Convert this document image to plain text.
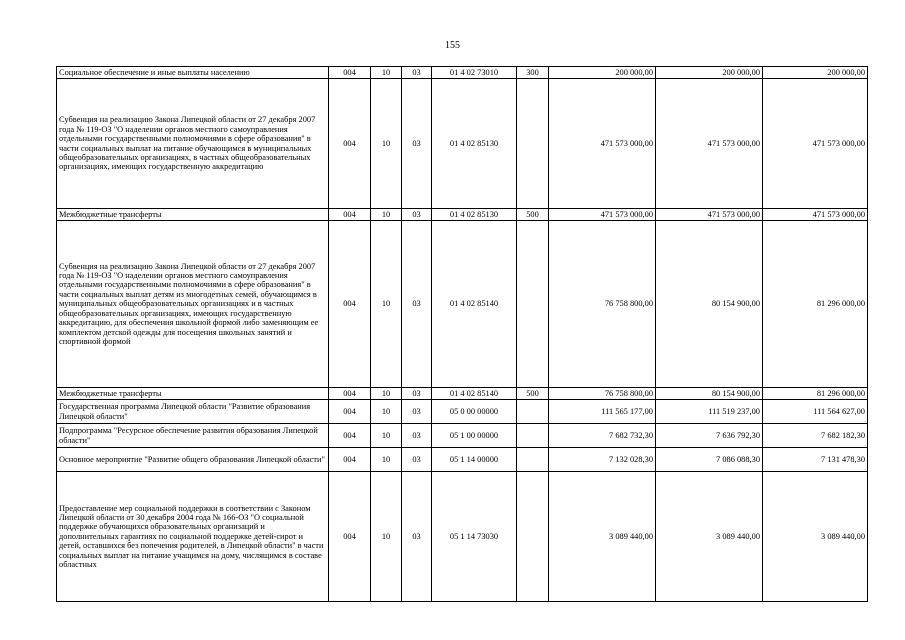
155
Социальное обеспечение и иные выплаты населению	004	10	03	01 4 02 73010	300	200 000,00	200 000,00	200 000,00
Субвенция на реализацию Закона Липецкой области от 27 декабря 2007 года № 119-ОЗ "О наделении органов местного самоуправления отдельными государственными полномочиями в сфере образования" в части социальных выплат на питание обучающимся в муниципальных общеобразовательных организациях, в частных общеобразовательных организациях, имеющих государственную аккредитацию	004	10	03	01 4 02 85130		471 573 000,00	471 573 000,00	471 573 000,00
Межбюджетные трансферты	004	10	03	01 4 02 85130	500	471 573 000,00	471 573 000,00	471 573 000,00
Субвенция на реализацию Закона Липецкой области от 27 декабря 2007 года № 119-ОЗ "О наделении органов местного самоуправления отдельными государственными полномочиями в сфере образования" в части социальных выплат детям из многодетных семей, обучающимся в муниципальных общеобразовательных организациях и в частных общеобразовательных организациях, имеющих государственную аккредитацию, для обеспечения школьной формой либо заменяющим ее комплектом детской одежды для посещения школьных занятий и спортивной формой	004	10	03	01 4 02 85140		76 758 800,00	80 154 900,00	81 296 000,00
Межбюджетные трансферты	004	10	03	01 4 02 85140	500	76 758 800,00	80 154 900,00	81 296 000,00
Государственная программа Липецкой области "Развитие образования Липецкой области"	004	10	03	05 0 00 00000		111 565 177,00	111 519 237,00	111 564 627,00
Подпрограмма "Ресурсное обеспечение развития образования Липецкой области"	004	10	03	05 1 00 00000		7 682 732,30	7 636 792,30	7 682 182,30
Основное мероприятие "Развитие общего образования Липецкой области"	004	10	03	05 1 14 00000		7 132 028,30	7 086 088,30	7 131 478,30
Предоставление мер социальной поддержки в соответствии с Законом Липецкой области от 30 декабря 2004 года № 166-ОЗ "О социальной поддержке обучающихся образовательных организаций и дополнительных гарантиях по социальной поддержке детей-сирот и детей, оставшихся без попечения родителей, в Липецкой области" в части социальных выплат на питание учащимся на дому, числящимся в составе областных	004	10	03	05 1 14 73030		3 089 440,00	3 089 440,00	3 089 440,00
